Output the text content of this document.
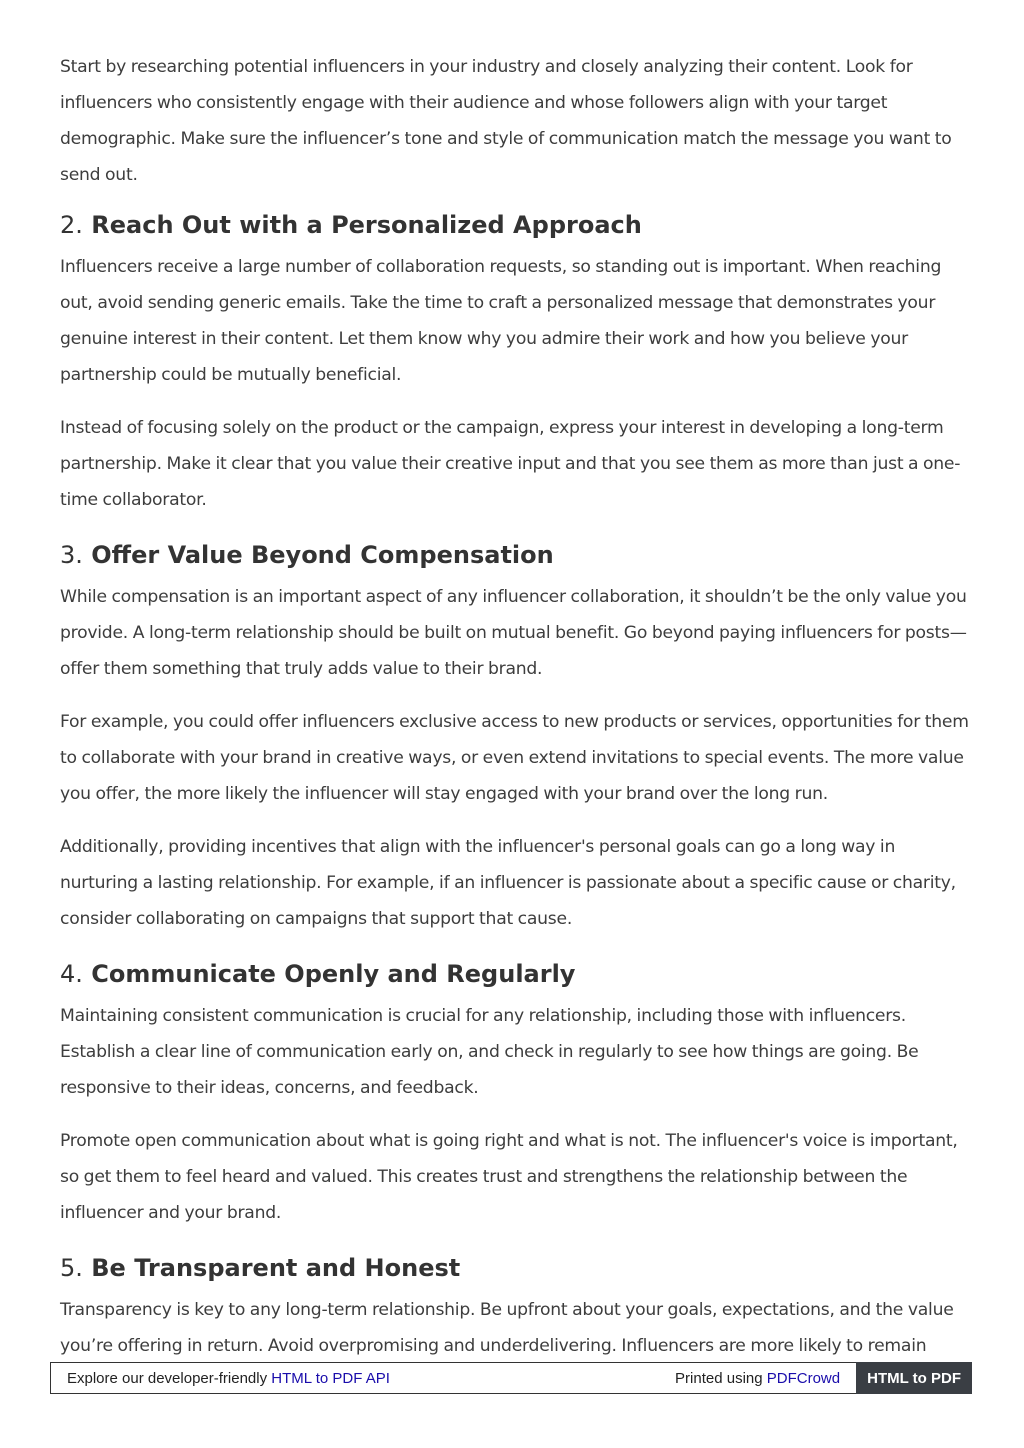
Start by researching potential influencers in your industry and closely analyzing their content. Look for influencers who consistently engage with their audience and whose followers align with your target demographic. Make sure the influencer’s tone and style of communication match the message you want to send out.

2. Reach Out with a Personalized Approach

Influencers receive a large number of collaboration requests, so standing out is important. When reaching out, avoid sending generic emails. Take the time to craft a personalized message that demonstrates your genuine interest in their content. Let them know why you admire their work and how you believe your partnership could be mutually beneficial.

Instead of focusing solely on the product or the campaign, express your interest in developing a long-term partnership. Make it clear that you value their creative input and that you see them as more than just a one-time collaborator.

3. Offer Value Beyond Compensation

While compensation is an important aspect of any influencer collaboration, it shouldn’t be the only value you provide. A long-term relationship should be built on mutual benefit. Go beyond paying influencers for posts—offer them something that truly adds value to their brand.

For example, you could offer influencers exclusive access to new products or services, opportunities for them to collaborate with your brand in creative ways, or even extend invitations to special events. The more value you offer, the more likely the influencer will stay engaged with your brand over the long run.

Additionally, providing incentives that align with the influencer's personal goals can go a long way in nurturing a lasting relationship. For example, if an influencer is passionate about a specific cause or charity, consider collaborating on campaigns that support that cause.

4. Communicate Openly and Regularly

Maintaining consistent communication is crucial for any relationship, including those with influencers. Establish a clear line of communication early on, and check in regularly to see how things are going. Be responsive to their ideas, concerns, and feedback.

Promote open communication about what is going right and what is not. The influencer's voice is important, so get them to feel heard and valued. This creates trust and strengthens the relationship between the influencer and your brand.

5. Be Transparent and Honest

Transparency is key to any long-term relationship. Be upfront about your goals, expectations, and the value you’re offering in return. Avoid overpromising and underdelivering. Influencers are more likely to remain

Explore our developer-friendly HTML to PDF API	Printed using PDFCrowd	HTML to PDF
